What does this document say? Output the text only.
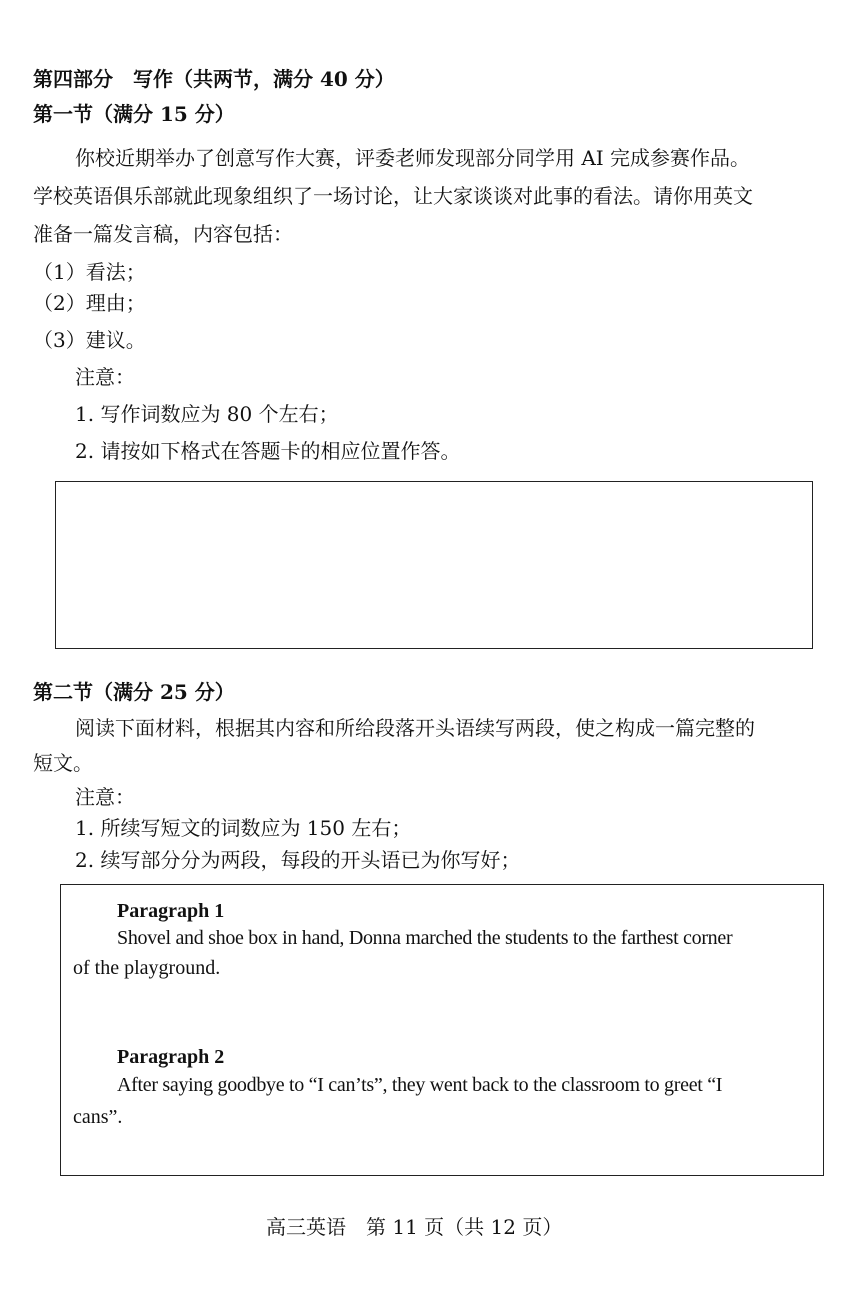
第四部分　写作（共两节，满分 40 分）
第一节（满分 15 分）
你校近期举办了创意写作大赛，评委老师发现部分同学用 AI 完成参赛作品。
学校英语俱乐部就此现象组织了一场讨论，让大家谈谈对此事的看法。请你用英文
准备一篇发言稿，内容包括：
（1）看法；
（2）理由；
（3）建议。
注意：
1. 写作词数应为 80 个左右；
2. 请按如下格式在答题卡的相应位置作答。
第二节（满分 25 分）
阅读下面材料，根据其内容和所给段落开头语续写两段，使之构成一篇完整的
短文。
注意：
1. 所续写短文的词数应为 150 左右；
2. 续写部分分为两段，每段的开头语已为你写好；
Paragraph 1
Shovel and shoe box in hand, Donna marched the students to the farthest corner
of the playground.
Paragraph 2
After saying goodbye to “I can’ts”, they went back to the classroom to greet “I
cans”.
高三英语　第 11 页（共 12 页）
